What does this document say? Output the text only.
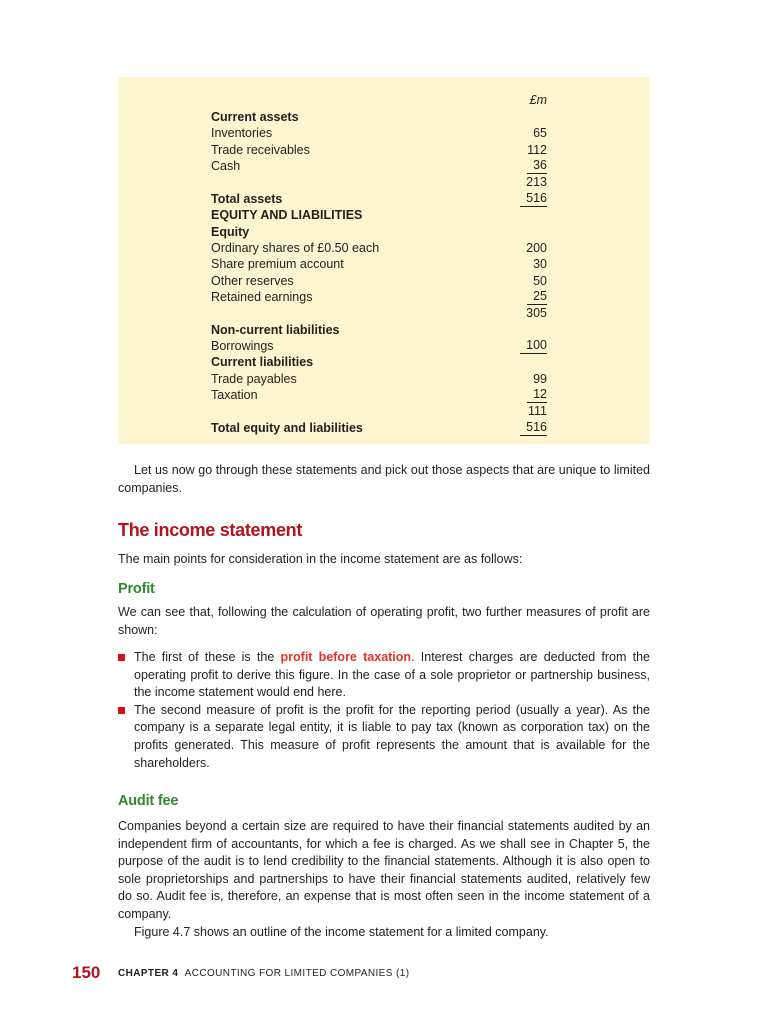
£m
Current assets
Inventories	65
Trade receivables	112
Cash	36
213
Total assets	516
EQUITY AND LIABILITIES
Equity
Ordinary shares of £0.50 each	200
Share premium account	30
Other reserves	50
Retained earnings	25
305
Non-current liabilities
Borrowings	100
Current liabilities
Trade payables	99
Taxation	12
111
Total equity and liabilities	516

Let us now go through these statements and pick out those aspects that are unique to limited companies.

The income statement

The main points for consideration in the income statement are as follows:

Profit

We can see that, following the calculation of operating profit, two further measures of profit are shown:

The first of these is the profit before taxation. Interest charges are deducted from the operating profit to derive this figure. In the case of a sole proprietor or partnership business, the income statement would end here.
The second measure of profit is the profit for the reporting period (usually a year). As the company is a separate legal entity, it is liable to pay tax (known as corporation tax) on the profits generated. This measure of profit represents the amount that is available for the shareholders.
Audit fee

Companies beyond a certain size are required to have their financial statements audited by an independent firm of accountants, for which a fee is charged. As we shall see in Chapter 5, the purpose of the audit is to lend credibility to the financial statements. Although it is also open to sole proprietorships and partnerships to have their financial statements audited, relatively few do so. Audit fee is, therefore, an expense that is most often seen in the income statement of a company.

Figure 4.7 shows an outline of the income statement for a limited company.

150 CHAPTER 4 ACCOUNTING FOR LIMITED COMPANIES (1)
